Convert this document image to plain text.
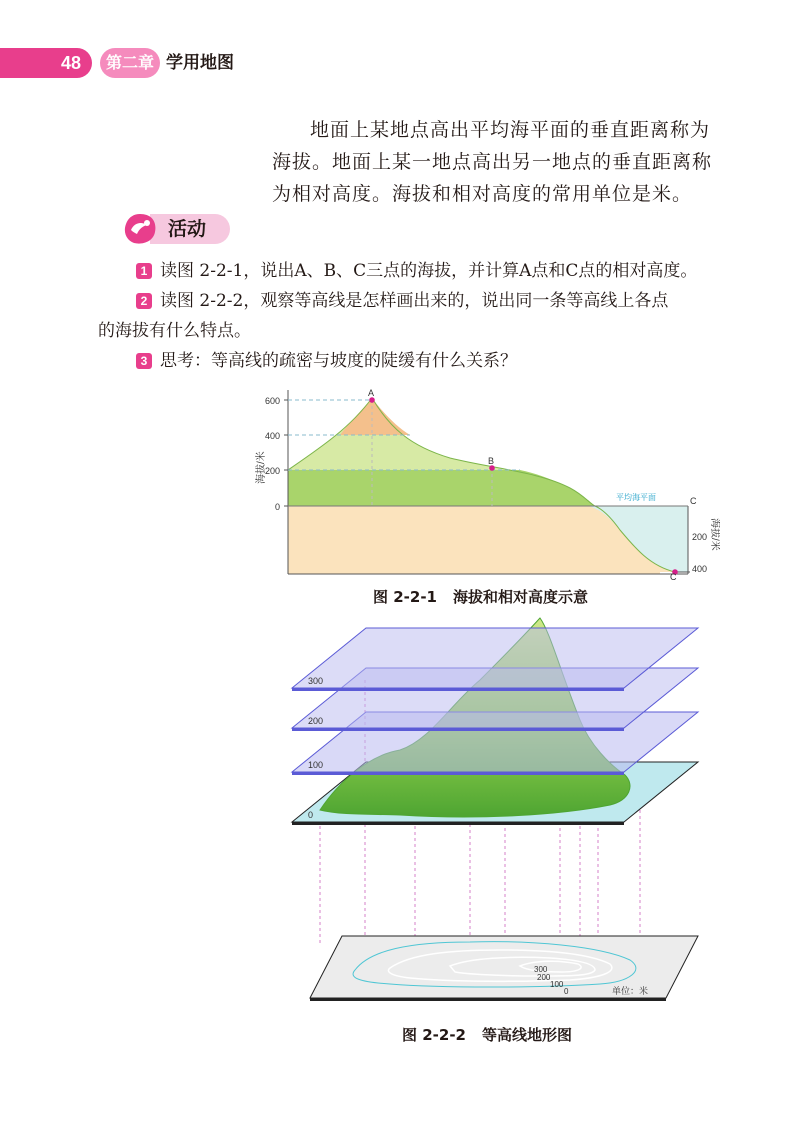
48	第二章 学用地图

地面上某地点高出平均海平面的垂直距离称为海拔。地面上某一地点高出另一地点的垂直距离称为相对高度。海拔和相对高度的常用单位是米。

活动
1 读图 2-2-1，说出A、B、C三点的海拔，并计算A点和C点的相对高度。
2 读图 2-2-2，观察等高线是怎样画出来的，说出同一条等高线上各点
的海拔有什么特点。
3 思考：等高线的疏密与坡度的陡缓有什么关系？
600
400
200
0
200
400
海拔/米
海拔/米
A
B
C
C
平均海平面
图 2-2-1 海拔和相对高度示意
0
100
200
300
300
200
100
0	单位：米
图 2-2-2 等高线地形图
